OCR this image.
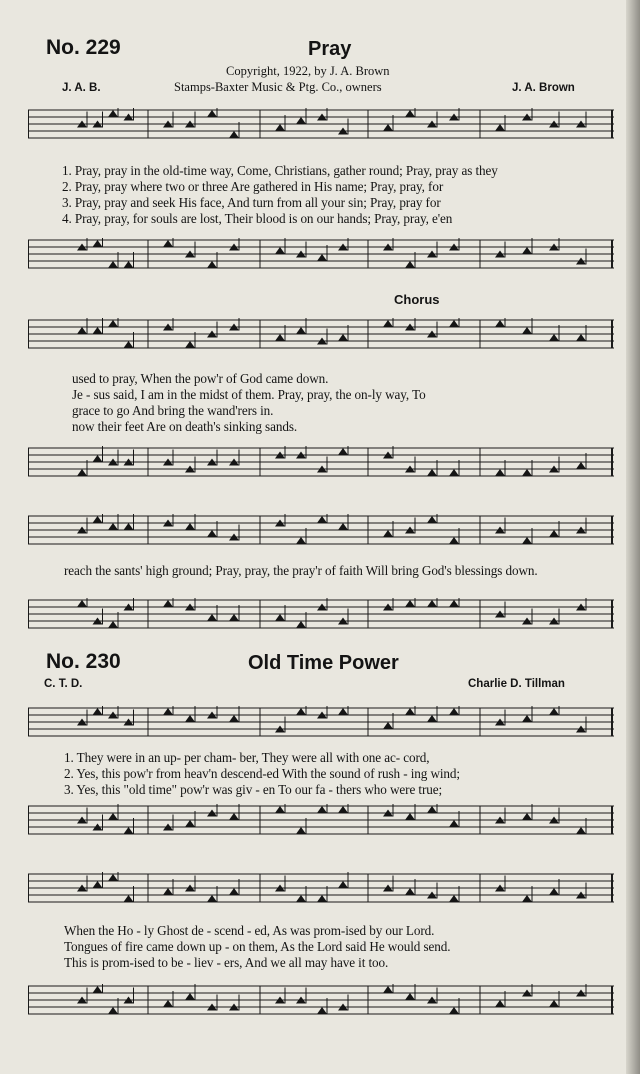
No. 229	Pray
Copyright, 1922, by J. A. Brown
J. A. B.	Stamps-Baxter Music & Ptg. Co., owners	J. A. Brown
1. Pray, pray in the old-time way, Come, Christians, gather round; Pray, pray as they
2. Pray, pray where two or three Are gathered in His name; Pray, pray, for
3. Pray, pray and seek His face, And turn from all your sin; Pray, pray for
4. Pray, pray, for souls are lost, Their blood is on our hands; Pray, pray, e'en
Chorus
used to pray, When the pow'r of God came down.
Je - sus said, I am in the midst of them. Pray, pray, the on-ly way, To
grace to go And bring the wand'rers in.
now their feet Are on death's sinking sands.
reach the sants' high ground; Pray, pray, the pray'r of faith Will bring God's blessings down.
No. 230	Old Time Power
C. T. D.	Charlie D. Tillman
1. They were in an up- per cham- ber, They were all with one ac- cord,
2. Yes, this pow'r from heav'n descend-ed With the sound of rush - ing wind;
3. Yes, this "old time" pow'r was giv - en To our fa - thers who were true;
When the Ho - ly Ghost de - scend - ed, As was prom-ised by our Lord.
Tongues of fire came down up - on them, As the Lord said He would send.
This is prom-ised to be - liev - ers, And we all may have it too.
